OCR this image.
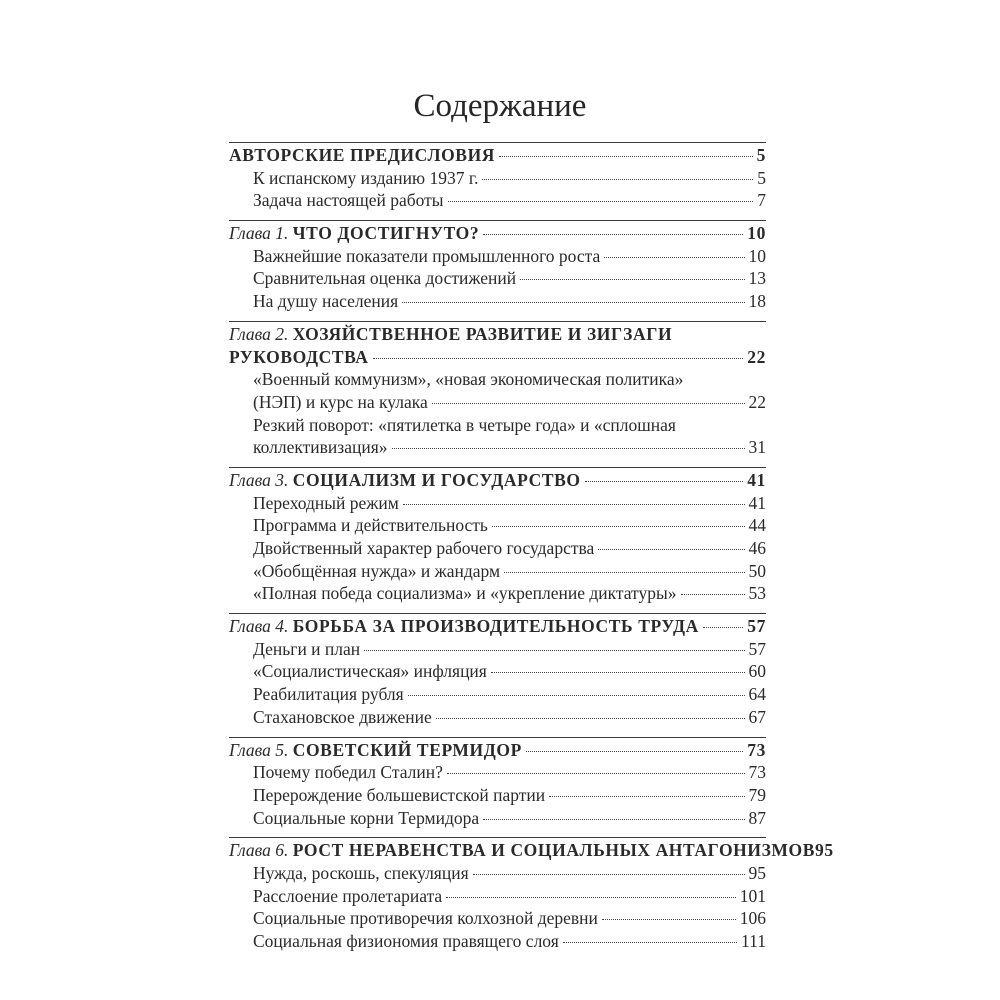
Содержание
АВТОРСКИЕ ПРЕДИСЛОВИЯ	5
К испанскому изданию 1937 г.	5
Задача настоящей работы	7
Глава 1. ЧТО ДОСТИГНУТО?	10
Важнейшие показатели промышленного роста	10
Сравнительная оценка достижений	13
На душу населения	18
Глава 2. ХОЗЯЙСТВЕННОЕ РАЗВИТИЕ И ЗИГЗАГИ
РУКОВОДСТВА	22
«Военный коммунизм», «новая экономическая политика»
(НЭП) и курс на кулака	22
Резкий поворот: «пятилетка в четыре года» и «сплошная
коллективизация»	31
Глава 3. СОЦИАЛИЗМ И ГОСУДАРСТВО	41
Переходный режим	41
Программа и действительность	44
Двойственный характер рабочего государства	46
«Обобщённая нужда» и жандарм	50
«Полная победа социализма» и «укрепление диктатуры»	53
Глава 4. БОРЬБА ЗА ПРОИЗВОДИТЕЛЬНОСТЬ ТРУДА	57
Деньги и план	57
«Социалистическая» инфляция	60
Реабилитация рубля	64
Стахановское движение	67
Глава 5. СОВЕТСКИЙ ТЕРМИДОР	73
Почему победил Сталин?	73
Перерождение большевистской партии	79
Социальные корни Термидора	87
Глава 6. РОСТ НЕРАВЕНСТВА И СОЦИАЛЬНЫХ АНТАГОНИЗМОВ 95
Нужда, роскошь, спекуляция	95
Расслоение пролетариата	101
Социальные противоречия колхозной деревни	106
Социальная физиономия правящего слоя	111
